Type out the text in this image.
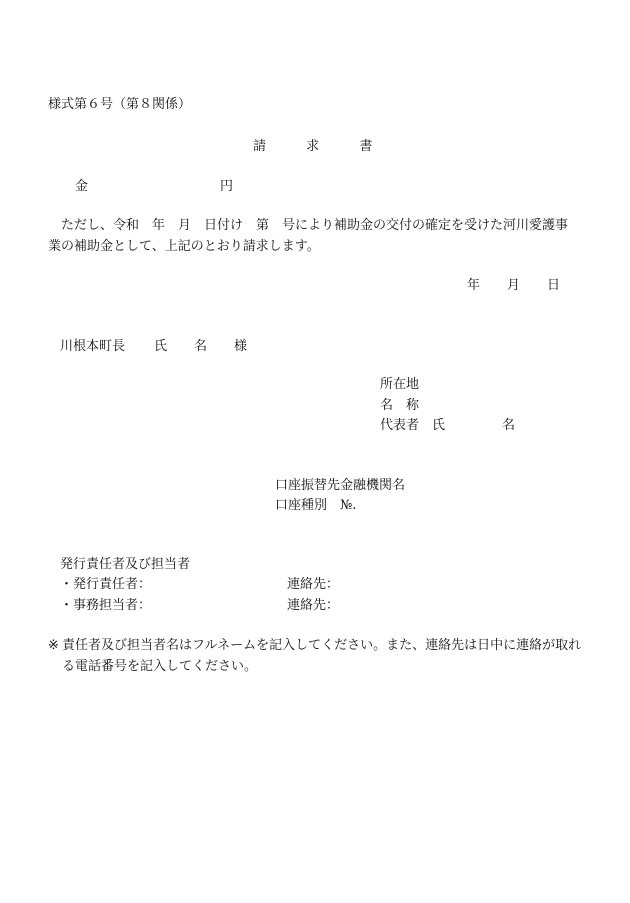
様式第６号（第８関係）
請	求	書
金	円
　ただし、令和　年　月　日付け　第　号により補助金の交付の確定を受けた河川愛護事業の補助金として、上記のとおり請求します。
年 月 日
川根本町長 氏 名 様
所在地
名 称
代表者 氏	名
口座振替先金融機関名
口座種別 №.
発行責任者及び担当者
・発行責任者：	連絡先：
・事務担当者：	連絡先：
※ 責任者及び担当者名はフルネームを記入してください。また、連絡先は日中に連絡が取れる電話番号を記入してください。
